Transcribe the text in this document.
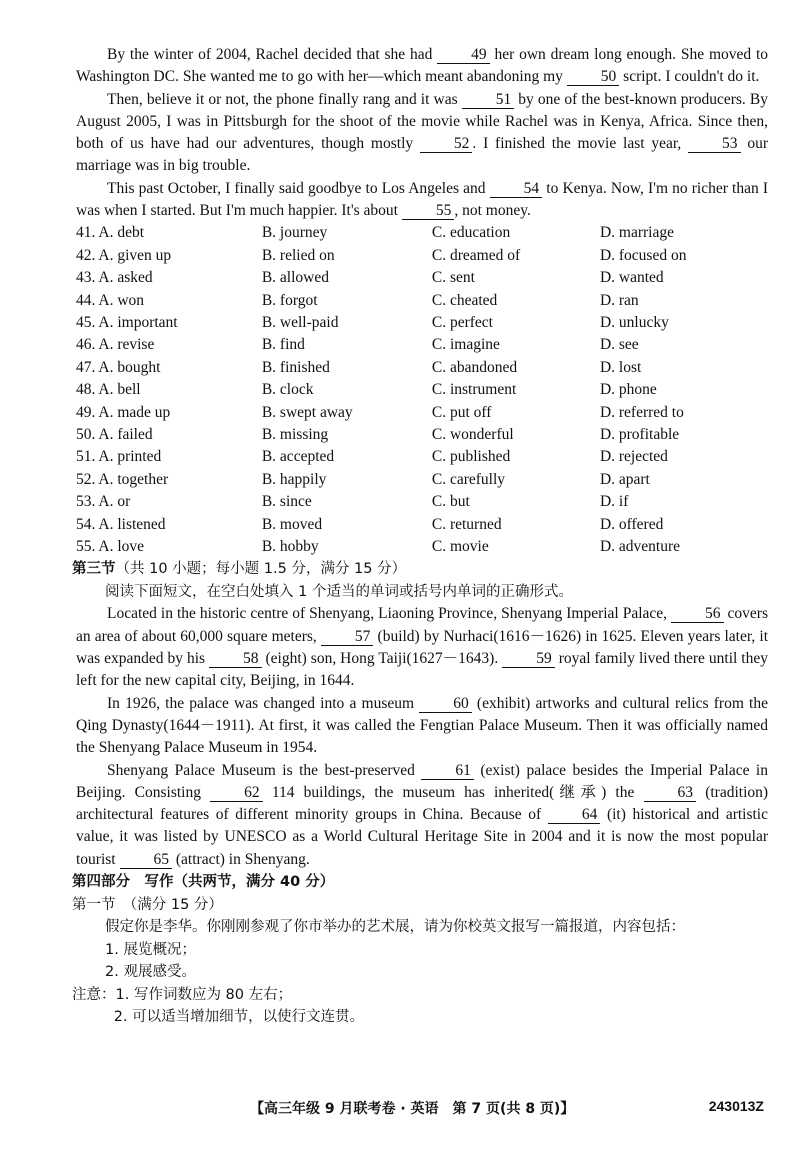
By the winter of 2004, Rachel decided that she had	49 her own dream long enough. She moved to Washington DC. She wanted me to go with her—which meant abandoning my 50 script. I couldn't do it.

Then, believe it or not, the phone finally rang and it was 51 by one of the best-known producers. By August 2005, I was in Pittsburgh for the shoot of the movie while Rachel was in Kenya, Africa. Since then, both of us have had our adventures, though mostly	52 . I finished the movie last year,	53 our marriage was in big trouble.

This past October, I finally said goodbye to Los Angeles and 54 to Kenya. Now, I'm no richer than I was when I started. But I'm much happier. It's about 55 , not money.

41. A. debt	B. journey	C. education	D. marriage
42. A. given up	B. relied on	C. dreamed of	D. focused on
43. A. asked	B. allowed	C. sent	D. wanted
44. A. won	B. forgot	C. cheated	D. ran
45. A. important	B. well-paid	C. perfect	D. unlucky
46. A. revise	B. find	C. imagine	D. see
47. A. bought	B. finished	C. abandoned	D. lost
48. A. bell	B. clock	C. instrument	D. phone
49. A. made up	B. swept away	C. put off	D. referred to
50. A. failed	B. missing	C. wonderful	D. profitable
51. A. printed	B. accepted	C. published	D. rejected
52. A. together	B. happily	C. carefully	D. apart
53. A. or	B. since	C. but	D. if
54. A. listened	B. moved	C. returned	D. offered
55. A. love	B. hobby	C. movie	D. adventure
第三节（共 10 小题；每小题 1.5 分，满分 15 分）

阅读下面短文，在空白处填入 1 个适当的单词或括号内单词的正确形式。

Located in the historic centre of Shenyang, Liaoning Province, Shenyang Imperial Palace, 56 covers an area of about 60,000 square meters, 57 (build) by Nurhaci(1616－1626) in 1625. Eleven years later, it was expanded by his 58 (eight) son, Hong Taiji(1627－1643). 59 royal family lived there until they left for the new capital city, Beijing, in 1644.

In 1926, the palace was changed into a museum	60 (exhibit) artworks and cultural relics from the Qing Dynasty(1644－1911). At first, it was called the Fengtian Palace Museum. Then it was officially named the Shenyang Palace Museum in 1954.

Shenyang Palace Museum is the best-preserved	61 (exist) palace besides the Imperial Palace in Beijing. Consisting	62 114 buildings, the museum has inherited(继承) the	63 (tradition) architectural features of different minority groups in China. Because of	64 (it) historical and artistic value, it was listed by UNESCO as a World Cultural Heritage Site in 2004 and it is now the most popular tourist 65 (attract) in Shenyang.

第四部分　写作（共两节，满分 40 分）
第一节　（满分 15 分）

假定你是李华。你刚刚参观了你市举办的艺术展，请为你校英文报写一篇报道，内容包括：

1. 展览概况；
2. 观展感受。
注意：1. 写作词数应为 80 左右；
2. 可以适当增加细节，以使行文连贯。
【高三年级 9 月联考卷 · 英语　第 7 页(共 8 页)】	243013Z
